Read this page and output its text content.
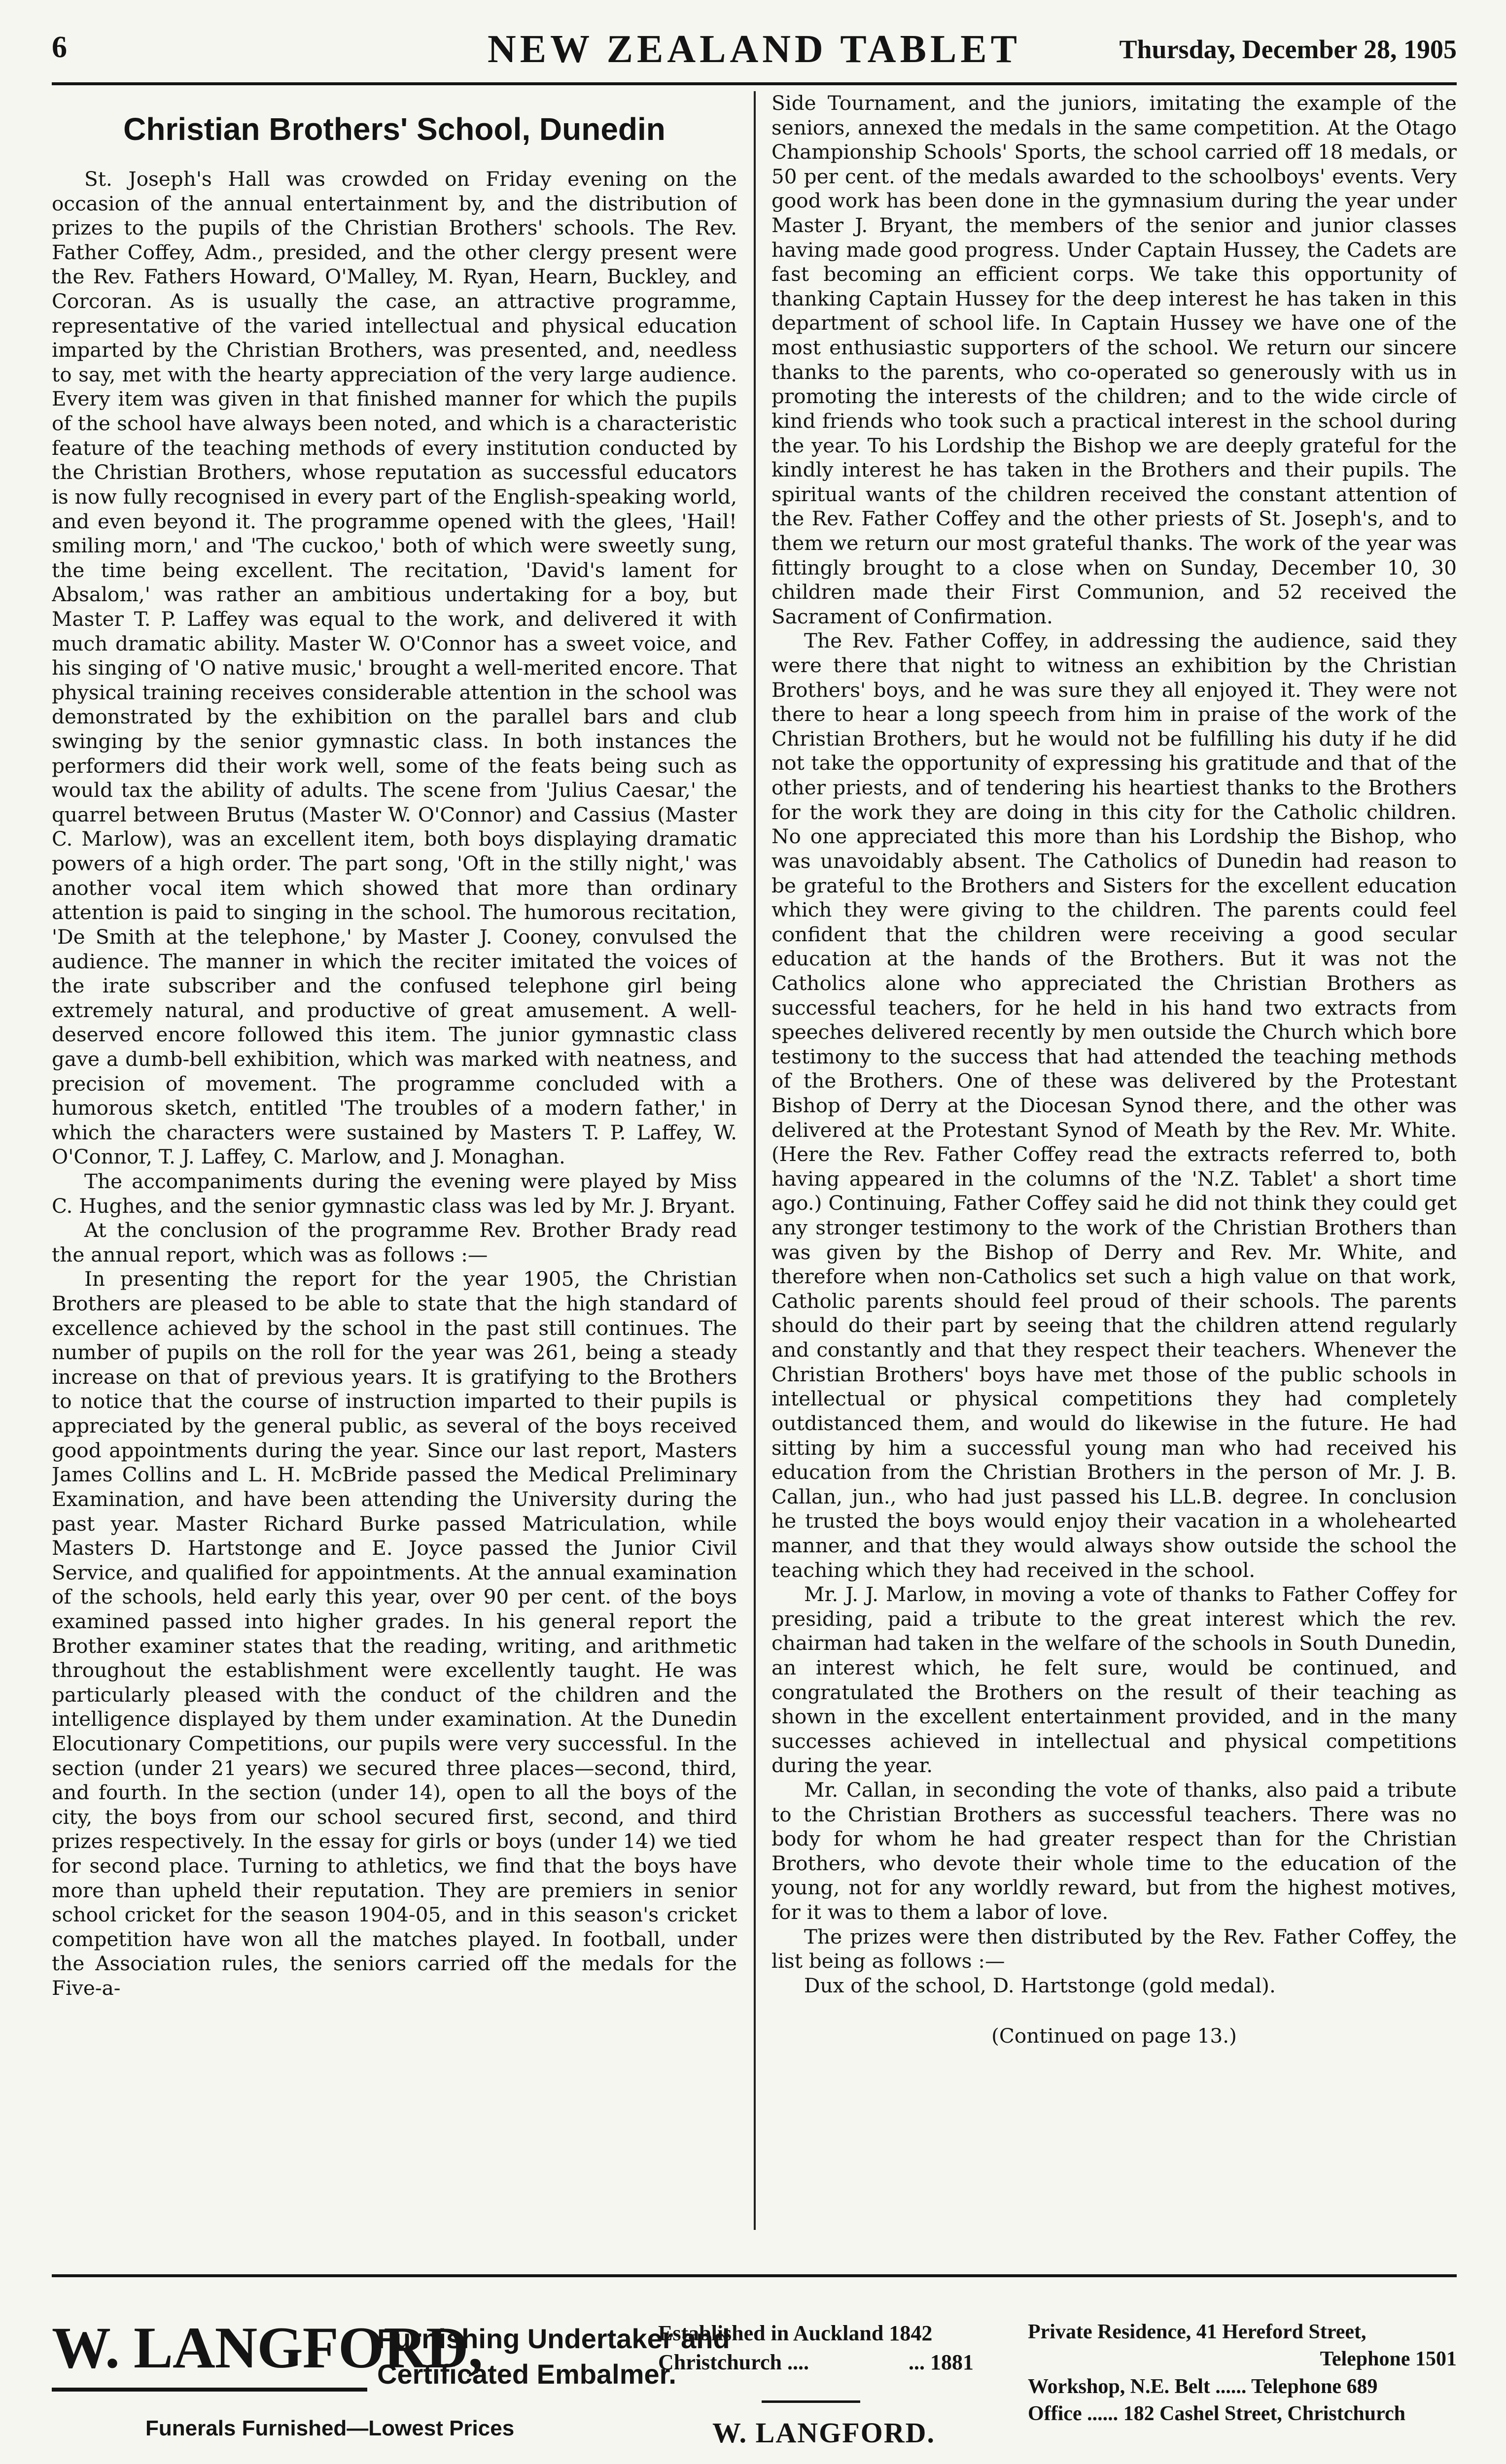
6	NEW ZEALAND TABLET	Thursday, December 28, 1905
Christian Brothers' School, Dunedin

St. Joseph's Hall was crowded on Friday evening on the occasion of the annual entertainment by, and the distribution of prizes to the pupils of the Christian Brothers' schools. The Rev. Father Coffey, Adm., presided, and the other clergy present were the Rev. Fathers Howard, O'Malley, M. Ryan, Hearn, Buckley, and Corcoran. As is usually the case, an attractive programme, representative of the varied intellectual and physical education imparted by the Christian Brothers, was presented, and, needless to say, met with the hearty appreciation of the very large audience. Every item was given in that finished manner for which the pupils of the school have always been noted, and which is a characteristic feature of the teaching methods of every institution conducted by the Christian Brothers, whose reputation as successful educators is now fully recognised in every part of the English-speaking world, and even beyond it. The programme opened with the glees, 'Hail! smiling morn,' and 'The cuckoo,' both of which were sweetly sung, the time being excellent. The recitation, 'David's lament for Absalom,' was rather an ambitious undertaking for a boy, but Master T. P. Laffey was equal to the work, and delivered it with much dramatic ability. Master W. O'Connor has a sweet voice, and his singing of 'O native music,' brought a well-merited encore. That physical training receives considerable attention in the school was demonstrated by the exhibition on the parallel bars and club swinging by the senior gymnastic class. In both instances the performers did their work well, some of the feats being such as would tax the ability of adults. The scene from 'Julius Caesar,' the quarrel between Brutus (Master W. O'Connor) and Cassius (Master C. Marlow), was an excellent item, both boys displaying dramatic powers of a high order. The part song, 'Oft in the stilly night,' was another vocal item which showed that more than ordinary attention is paid to singing in the school. The humorous recitation, 'De Smith at the telephone,' by Master J. Cooney, convulsed the audience. The manner in which the reciter imitated the voices of the irate subscriber and the confused telephone girl being extremely natural, and productive of great amusement. A well-deserved encore followed this item. The junior gymnastic class gave a dumb-bell exhibition, which was marked with neatness, and precision of movement. The programme concluded with a humorous sketch, entitled 'The troubles of a modern father,' in which the characters were sustained by Masters T. P. Laffey, W. O'Connor, T. J. Laffey, C. Marlow, and J. Monaghan.

The accompaniments during the evening were played by Miss C. Hughes, and the senior gymnastic class was led by Mr. J. Bryant.

At the conclusion of the programme Rev. Brother Brady read the annual report, which was as follows :—

In presenting the report for the year 1905, the Christian Brothers are pleased to be able to state that the high standard of excellence achieved by the school in the past still continues. The number of pupils on the roll for the year was 261, being a steady increase on that of previous years. It is gratifying to the Brothers to notice that the course of instruction imparted to their pupils is appreciated by the general public, as several of the boys received good appointments during the year. Since our last report, Masters James Collins and L. H. McBride passed the Medical Preliminary Examination, and have been attending the University during the past year. Master Richard Burke passed Matriculation, while Masters D. Hartstonge and E. Joyce passed the Junior Civil Service, and qualified for appointments. At the annual examination of the schools, held early this year, over 90 per cent. of the boys examined passed into higher grades. In his general report the Brother examiner states that the reading, writing, and arithmetic throughout the establishment were excellently taught. He was particularly pleased with the conduct of the children and the intelligence displayed by them under examination. At the Dunedin Elocutionary Competitions, our pupils were very successful. In the section (under 21 years) we secured three places—second, third, and fourth. In the section (under 14), open to all the boys of the city, the boys from our school secured first, second, and third prizes respectively. In the essay for girls or boys (under 14) we tied for second place. Turning to athletics, we find that the boys have more than upheld their reputation. They are premiers in senior school cricket for the season 1904-05, and in this season's cricket competition have won all the matches played. In football, under the Association rules, the seniors carried off the medals for the Five-a-

Side Tournament, and the juniors, imitating the example of the seniors, annexed the medals in the same competition. At the Otago Championship Schools' Sports, the school carried off 18 medals, or 50 per cent. of the medals awarded to the schoolboys' events. Very good work has been done in the gymnasium during the year under Master J. Bryant, the members of the senior and junior classes having made good progress. Under Captain Hussey, the Cadets are fast becoming an efficient corps. We take this opportunity of thanking Captain Hussey for the deep interest he has taken in this department of school life. In Captain Hussey we have one of the most enthusiastic supporters of the school. We return our sincere thanks to the parents, who co-operated so generously with us in promoting the interests of the children; and to the wide circle of kind friends who took such a practical interest in the school during the year. To his Lordship the Bishop we are deeply grateful for the kindly interest he has taken in the Brothers and their pupils. The spiritual wants of the children received the constant attention of the Rev. Father Coffey and the other priests of St. Joseph's, and to them we return our most grateful thanks. The work of the year was fittingly brought to a close when on Sunday, December 10, 30 children made their First Communion, and 52 received the Sacrament of Confirmation.

The Rev. Father Coffey, in addressing the audience, said they were there that night to witness an exhibition by the Christian Brothers' boys, and he was sure they all enjoyed it. They were not there to hear a long speech from him in praise of the work of the Christian Brothers, but he would not be fulfilling his duty if he did not take the opportunity of expressing his gratitude and that of the other priests, and of tendering his heartiest thanks to the Brothers for the work they are doing in this city for the Catholic children. No one appreciated this more than his Lordship the Bishop, who was unavoidably absent. The Catholics of Dunedin had reason to be grateful to the Brothers and Sisters for the excellent education which they were giving to the children. The parents could feel confident that the children were receiving a good secular education at the hands of the Brothers. But it was not the Catholics alone who appreciated the Christian Brothers as successful teachers, for he held in his hand two extracts from speeches delivered recently by men outside the Church which bore testimony to the success that had attended the teaching methods of the Brothers. One of these was delivered by the Protestant Bishop of Derry at the Diocesan Synod there, and the other was delivered at the Protestant Synod of Meath by the Rev. Mr. White. (Here the Rev. Father Coffey read the extracts referred to, both having appeared in the columns of the 'N.Z. Tablet' a short time ago.) Continuing, Father Coffey said he did not think they could get any stronger testimony to the work of the Christian Brothers than was given by the Bishop of Derry and Rev. Mr. White, and therefore when non-Catholics set such a high value on that work, Catholic parents should feel proud of their schools. The parents should do their part by seeing that the children attend regularly and constantly and that they respect their teachers. Whenever the Christian Brothers' boys have met those of the public schools in intellectual or physical competitions they had completely outdistanced them, and would do likewise in the future. He had sitting by him a successful young man who had received his education from the Christian Brothers in the person of Mr. J. B. Callan, jun., who had just passed his LL.B. degree. In conclusion he trusted the boys would enjoy their vacation in a wholehearted manner, and that they would always show outside the school the teaching which they had received in the school.

Mr. J. J. Marlow, in moving a vote of thanks to Father Coffey for presiding, paid a tribute to the great interest which the rev. chairman had taken in the welfare of the schools in South Dunedin, an interest which, he felt sure, would be continued, and congratulated the Brothers on the result of their teaching as shown in the excellent entertainment provided, and in the many successes achieved in intellectual and physical competitions during the year.

Mr. Callan, in seconding the vote of thanks, also paid a tribute to the Christian Brothers as successful teachers. There was no body for whom he had greater respect than for the Christian Brothers, who devote their whole time to the education of the young, not for any worldly reward, but from the highest motives, for it was to them a labor of love.

The prizes were then distributed by the Rev. Father Coffey, the list being as follows :—

Dux of the school, D. Hartstonge (gold medal).

(Continued on page 13.)

W. LANGFORD,
Furnishing Undertaker and
Certificated Embalmer.
Funerals Furnished—Lowest Prices
Established in Auckland 1842
Christchurch ....	... 1881
W. LANGFORD.
Private Residence, 41 Hereford Street,
Telephone 1501
Workshop, N.E. Belt ...... Telephone 689
Office ...... 182 Cashel Street, Christchurch
